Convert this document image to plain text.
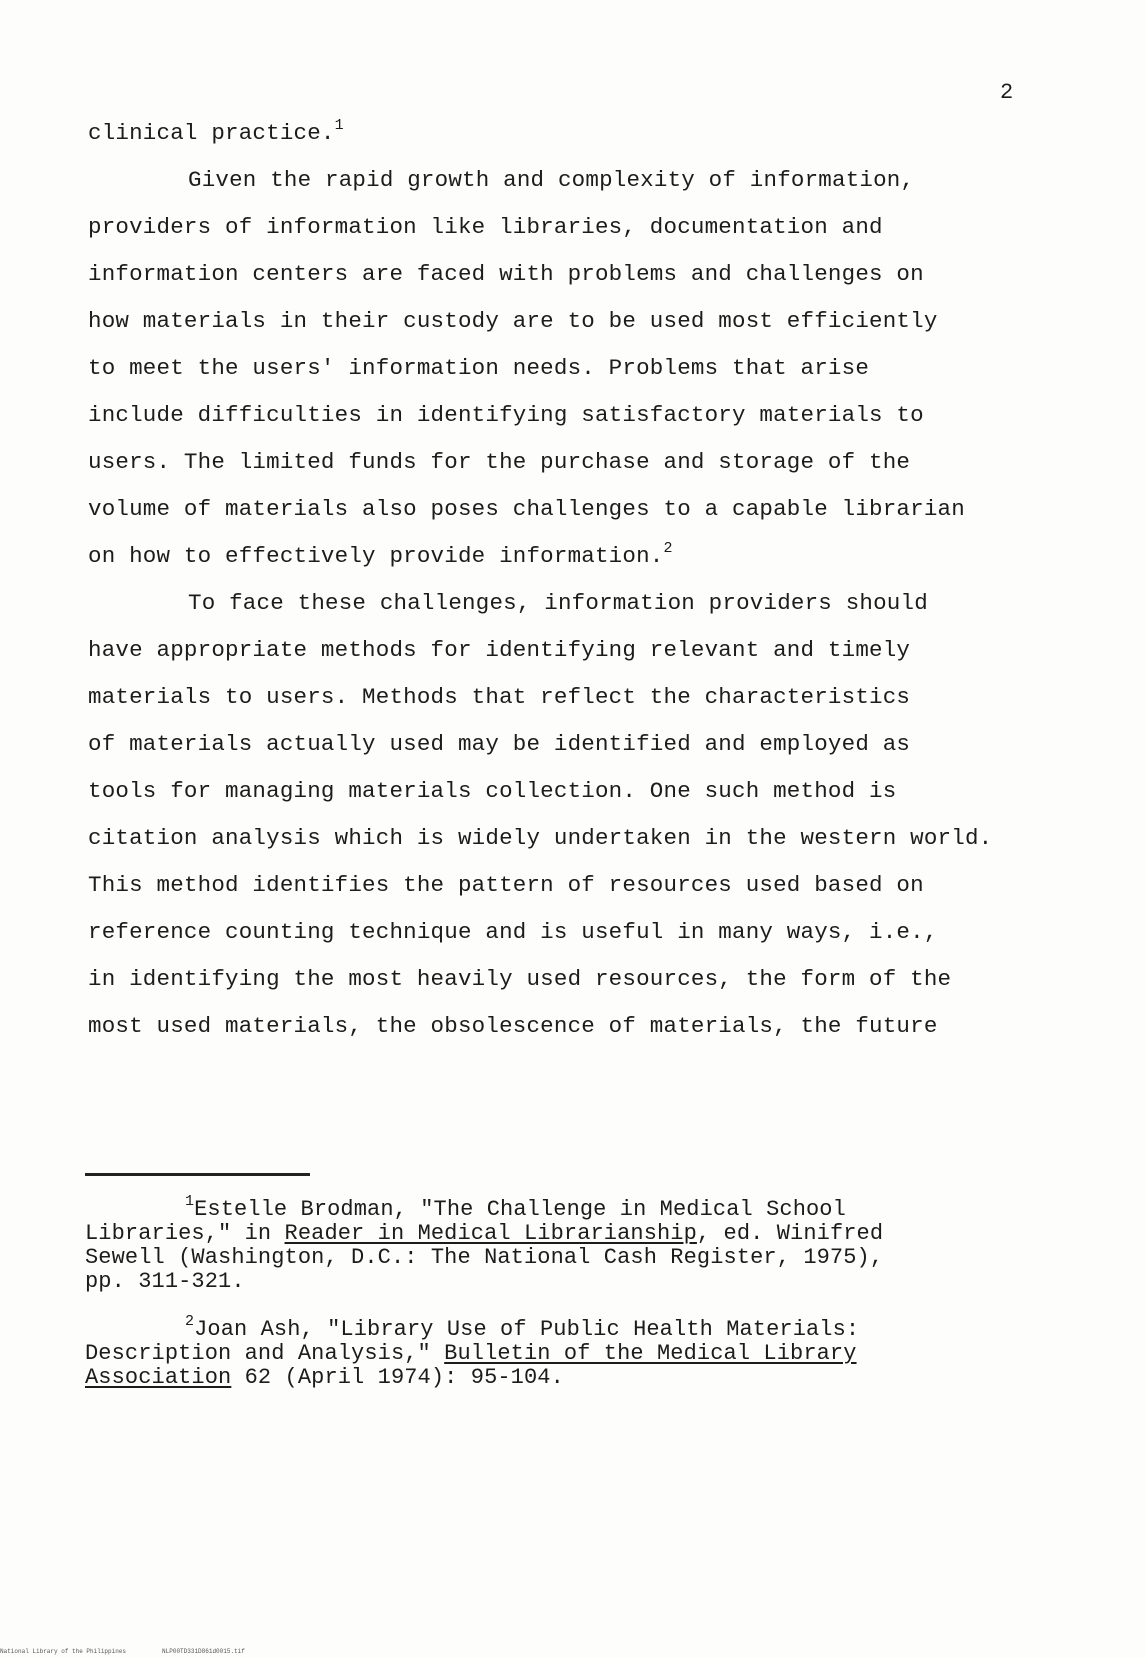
2
clinical practice.$^1$
Given the rapid growth and complexity of information,
providers of information like libraries, documentation and
information centers are faced with problems and challenges on
how materials in their custody are to be used most efficiently
to meet the users' information needs. Problems that arise
include difficulties in identifying satisfactory materials to
users. The limited funds for the purchase and storage of the
volume of materials also poses challenges to a capable librarian
on how to effectively provide information.$^2$
To face these challenges, information providers should
have appropriate methods for identifying relevant and timely
materials to users. Methods that reflect the characteristics
of materials actually used may be identified and employed as
tools for managing materials collection. One such method is
citation analysis which is widely undertaken in the western world.
This method identifies the pattern of resources used based on
reference counting technique and is useful in many ways, i.e.,
in identifying the most heavily used resources, the form of the
most used materials, the obsolescence of materials, the future
$^1$Estelle Brodman, "The Challenge in Medical School
Libraries," in Reader in Medical Librarianship, ed. Winifred
Sewell (Washington, D.C.: The National Cash Register, 1975),
pp. 311-321.
$^2$Joan Ash, "Library Use of Public Health Materials:
Description and Analysis," Bulletin of the Medical Library
Association 62 (April 1974): 95-104.
National Library of the Philippines	NLP00TD331D861d0015.tif
